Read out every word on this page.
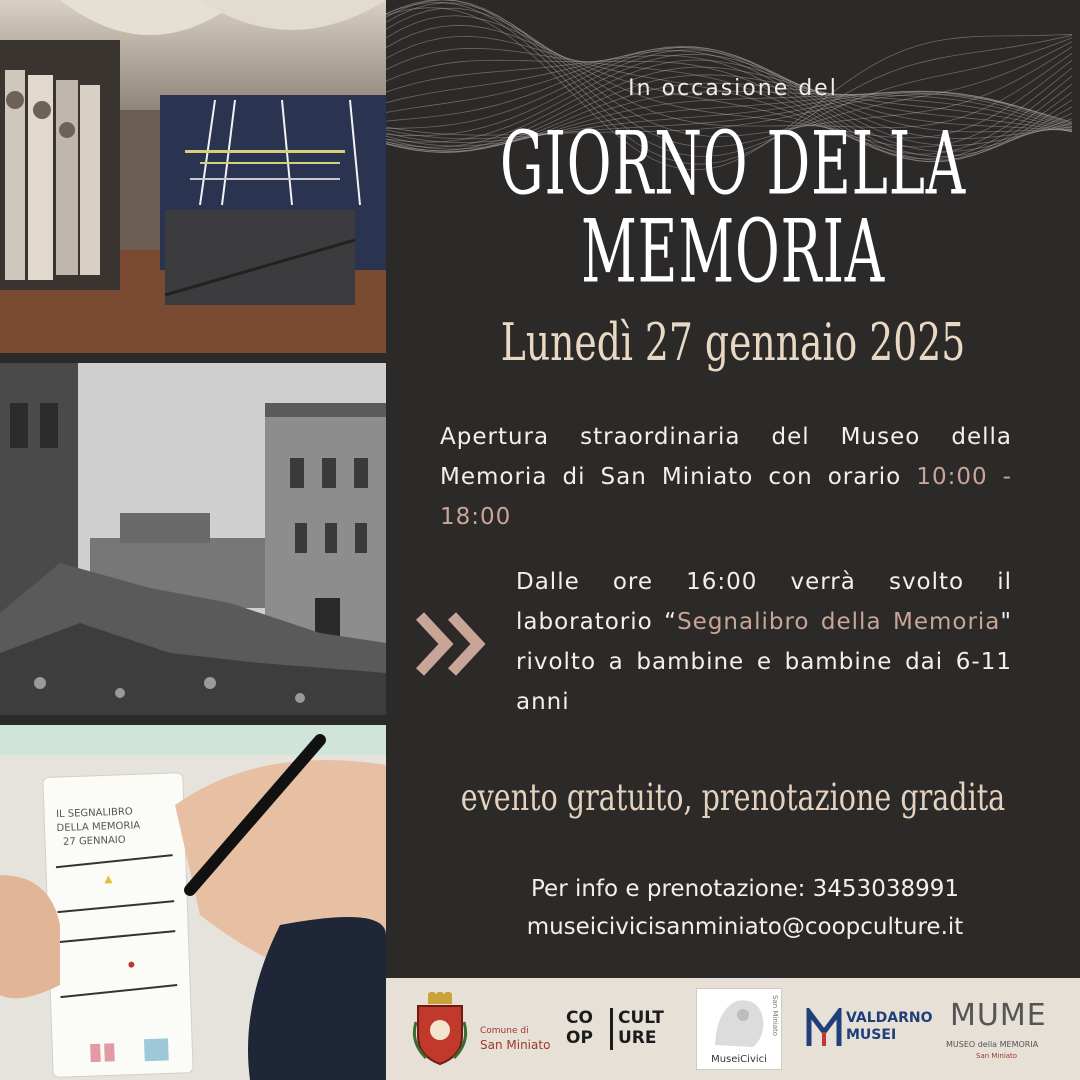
IL SEGNALIBRO
DELLA MEMORIA
27 GENNAIO
In occasione del
GIORNO DELLA
MEMORIA
Lunedì 27 gennaio 2025
Apertura straordinaria del Museo della Memoria di San Miniato con orario 10:00 - 18:00
Dalle ore 16:00 verrà svolto il laboratorio “Segnalibro della Memoria" rivolto a bambine e bambine dai 6-11 anni
evento gratuito, prenotazione gradita
Per info e prenotazione: 3453038991
museicivicisanminiato@coopculture.it
Comune di
San Miniato
CO
OP
CULT
URE
San Miniato
MuseiCivici
VALDARNO
MUSEI
MUME
MUSEO della MEMORIA
San Miniato
